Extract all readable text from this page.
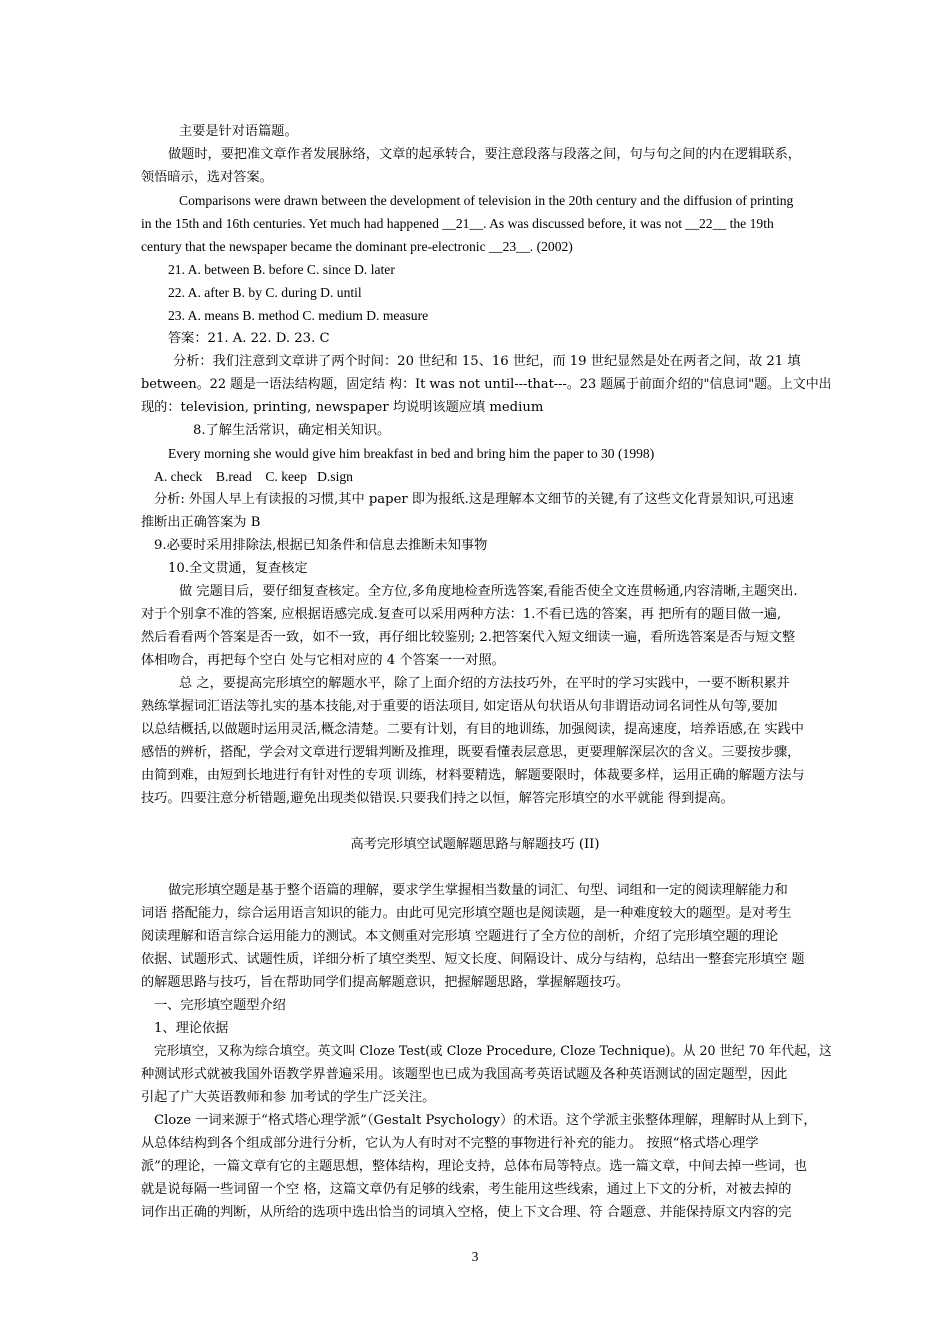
主要是针对语篇题。
做题时，要把准文章作者发展脉络，文章的起承转合，要注意段落与段落之间，句与句之间的内在逻辑联系，
领悟暗示，选对答案。
Comparisons were drawn between the development of television in the 20th century and the diffusion of printing
in the 15th and 16th centuries. Yet much had happened __21__. As was discussed before, it was not __22__ the 19th
century that the newspaper became the dominant pre-electronic __23__. (2002)
21. A. between B. before C. since D. later
22. A. after B. by C. during D. until
23. A. means B. method C. medium D. measure
答案：21. A. 22. D. 23. C
分析：我们注意到文章讲了两个时间：20 世纪和 15、16 世纪，而 19 世纪显然是处在两者之间，故 21 填
between。22 题是一语法结构题，固定结 构：It was not until---that---。23 题属于前面介绍的"信息词"题。上文中出
现的：television, printing, newspaper 均说明该题应填 medium
8.了解生活常识，确定相关知识。
Every morning she would give him breakfast in bed and bring him the paper to 30 (1998)
A. check    B.read    C. keep   D.sign
分析: 外国人早上有读报的习惯,其中 paper 即为报纸.这是理解本文细节的关键,有了这些文化背景知识,可迅速
推断出正确答案为 B
9.必要时采用排除法,根据已知条件和信息去推断未知事物
10.全文贯通，复查核定
做 完题目后，要仔细复查核定。全方位,多角度地检查所选答案,看能否使全文连贯畅通,内容清晰,主题突出.
对于个别拿不准的答案, 应根据语感完成.复查可以采用两种方法：1.不看已选的答案，再 把所有的题目做一遍,
然后看看两个答案是否一致，如不一致，再仔细比较鉴别; 2.把答案代入短文细读一遍，看所选答案是否与短文整
体相吻合，再把每个空白 处与它相对应的 4 个答案一一对照。
总 之，要提高完形填空的解题水平，除了上面介绍的方法技巧外，在平时的学习实践中，一要不断积累并
熟练掌握词汇语法等扎实的基本技能,对于重要的语法项目, 如定语从句状语从句非谓语动词名词性从句等,要加
以总结概括,以做题时运用灵活,概念清楚。二要有计划，有目的地训练，加强阅读，提高速度，培养语感,在 实践中
感悟的辨析，搭配，学会对文章进行逻辑判断及推理，既要看懂表层意思，更要理解深层次的含义。三要按步骤，
由简到难，由短到长地进行有针对性的专项 训练，材料要精选，解题要限时，体裁要多样，运用正确的解题方法与
技巧。四要注意分析错题,避免出现类似错误.只要我们持之以恒，解答完形填空的水平就能 得到提高。
高考完形填空试题解题思路与解题技巧 (II)
做完形填空题是基于整个语篇的理解，要求学生掌握相当数量的词汇、句型、词组和一定的阅读理解能力和
词语 搭配能力，综合运用语言知识的能力。由此可见完形填空题也是阅读题，是一种难度较大的题型。是对考生
阅读理解和语言综合运用能力的测试。本文侧重对完形填 空题进行了全方位的剖析，介绍了完形填空题的理论
依据、试题形式、试题性质，详细分析了填空类型、短文长度、间隔设计、成分与结构，总结出一整套完形填空 题
的解题思路与技巧，旨在帮助同学们提高解题意识，把握解题思路，掌握解题技巧。
一、完形填空题型介绍
1、理论依据
完形填空，又称为综合填空。英文叫 Cloze Test(或 Cloze Procedure, Cloze Technique)。从 20 世纪 70 年代起，这
种测试形式就被我国外语教学界普遍采用。该题型也已成为我国高考英语试题及各种英语测试的固定题型，因此
引起了广大英语教师和参 加考试的学生广泛关注。
Cloze 一词来源于“格式塔心理学派”（Gestalt Psychology）的术语。这个学派主张整体理解，理解时从上到下，
从总体结构到各个组成部分进行分析，它认为人有时对不完整的事物进行补充的能力。 按照“格式塔心理学
派”的理论，一篇文章有它的主题思想，整体结构，理论支持，总体布局等特点。选一篇文章，中间去掉一些词，也
就是说每隔一些词留一个空 格，这篇文章仍有足够的线索，考生能用这些线索，通过上下文的分析，对被去掉的
词作出正确的判断，从所给的选项中选出恰当的词填入空格，使上下文合理、符 合题意、并能保持原文内容的完
3
